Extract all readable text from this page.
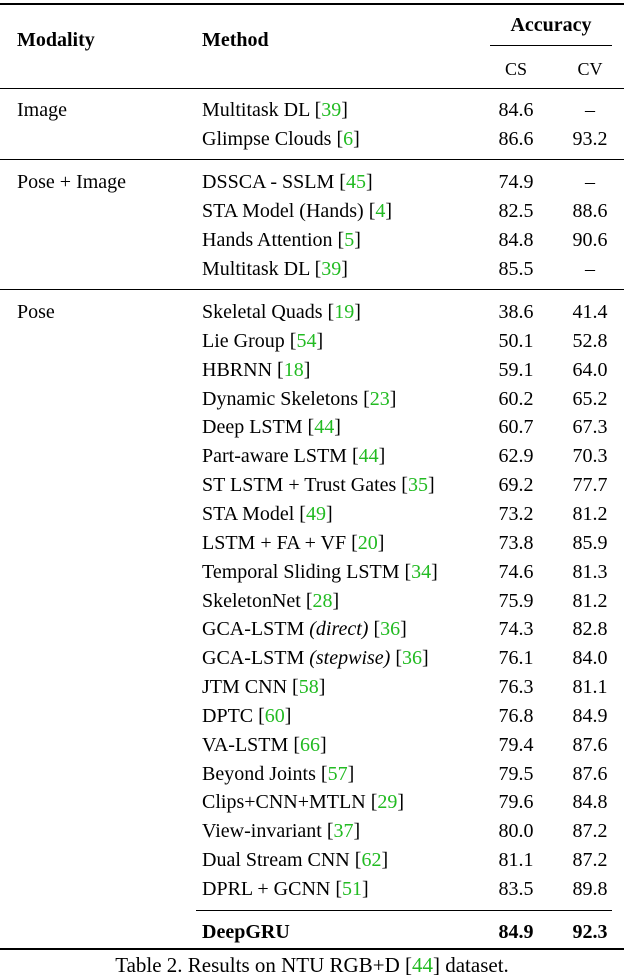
Modality	Method
Accuracy
CS	CV
Image	Multitask DL [39]	84.6	–
Glimpse Clouds [6]	86.6	93.2
Pose + Image	DSSCA - SSLM [45]	74.9	–
STA Model (Hands) [4]	82.5	88.6
Hands Attention [5]	84.8	90.6
Multitask DL [39]	85.5	–
Pose	Skeletal Quads [19]	38.6	41.4
Lie Group [54]	50.1	52.8
HBRNN [18]	59.1	64.0
Dynamic Skeletons [23]	60.2	65.2
Deep LSTM [44]	60.7	67.3
Part-aware LSTM [44]	62.9	70.3
ST LSTM + Trust Gates [35]	69.2	77.7
STA Model [49]	73.2	81.2
LSTM + FA + VF [20]	73.8	85.9
Temporal Sliding LSTM [34]	74.6	81.3
SkeletonNet [28]	75.9	81.2
GCA-LSTM (direct) [36]	74.3	82.8
GCA-LSTM (stepwise) [36]	76.1	84.0
JTM CNN [58]	76.3	81.1
DPTC [60]	76.8	84.9
VA-LSTM [66]	79.4	87.6
Beyond Joints [57]	79.5	87.6
Clips+CNN+MTLN [29]	79.6	84.8
View-invariant [37]	80.0	87.2
Dual Stream CNN [62]	81.1	87.2
DPRL + GCNN [51]	83.5	89.8
DeepGRU	84.9	92.3
Table 2. Results on NTU RGB+D [44] dataset.
